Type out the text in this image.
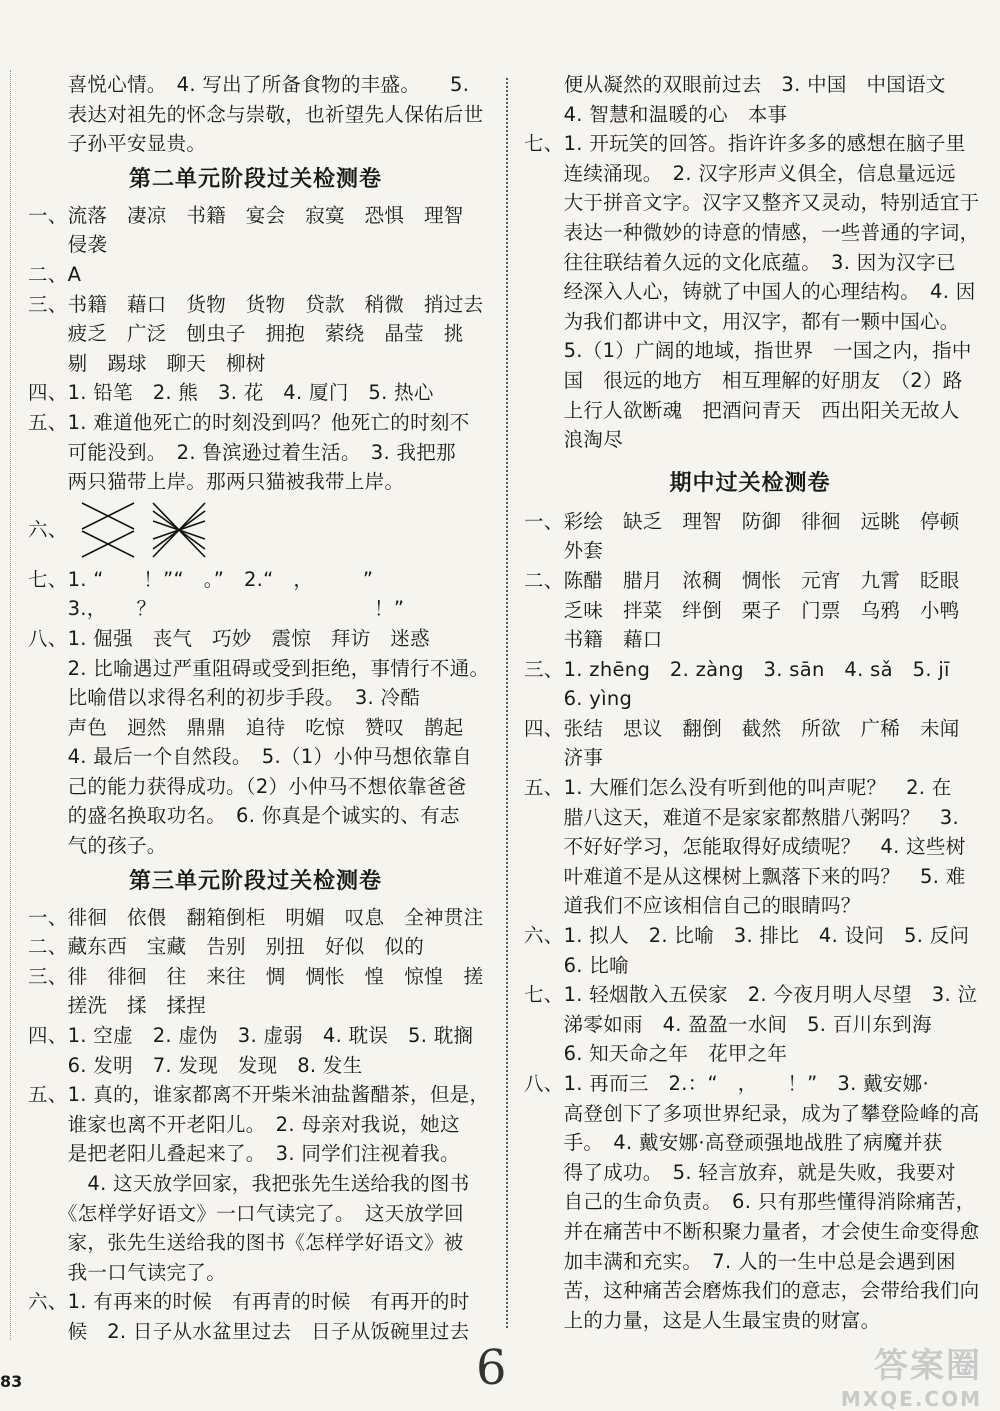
　　喜悦心情。　4. 写出了所备食物的丰盛。　　5.
　　表达对祖先的怀念与崇敬，也祈望先人保佑后世
　　子孙平安显贵。
第二单元阶段过关检测卷
一、流落　凄凉　书籍　宴会　寂寞　恐惧　理智
　　侵袭
二、A
三、书籍　藉口　货物　货物　贷款　稍微　捎过去
　　疲乏　广泛　刨虫子　拥抱　萦绕　晶莹　挑
　　剔　踢球　聊天　柳树
四、1. 铅笔　2. 熊　3. 花　4. 厦门　5. 热心
五、1. 难道他死亡的时刻没到吗？他死亡的时刻不
　　可能没到。　2. 鲁滨逊过着生活。　3. 我把那
　　两只猫带上岸。那两只猫被我带上岸。
六、
七、1. “　　！”“　。”　2.“　，　　　”
　　3.，　　？　　　　　　　　　　　！”
八、1. 倔强　丧气　巧妙　震惊　拜访　迷惑
　　2. 比喻遇过严重阻碍或受到拒绝，事情行不通。
　　比喻借以求得名利的初步手段。　3. 冷酷
　　声色　迥然　鼎鼎　追待　吃惊　赞叹　鹊起
　　4. 最后一个自然段。　5.（1）小仲马想依靠自
　　己的能力获得成功。（2）小仲马不想依靠爸爸
　　的盛名换取功名。　6. 你真是个诚实的、有志
　　气的孩子。
第三单元阶段过关检测卷
一、徘徊　依偎　翻箱倒柜　明媚　叹息　全神贯注
二、藏东西　宝藏　告别　别扭　好似　似的
三、徘　徘徊　往　来往　惆　惆怅　惶　惊惶　搓
　　搓洗　揉　揉捏
四、1. 空虚　2. 虚伪　3. 虚弱　4. 耽误　5. 耽搁
　　6. 发明　7. 发现　发现　8. 发生
五、1. 真的，谁家都离不开柴米油盐酱醋茶，但是，
　　谁家也离不开老阳儿。　2. 母亲对我说，她这
　　是把老阳儿叠起来了。　3. 同学们注视着我。
　　　4. 这天放学回家，我把张先生送给我的图书
　　《怎样学好语文》一口气读完了。　这天放学回
　　家，张先生送给我的图书《怎样学好语文》被
　　我一口气读完了。
六、1. 有再来的时候　有再青的时候　有再开的时
　　候　2. 日子从水盆里过去　日子从饭碗里过去
　　便从凝然的双眼前过去　3. 中国　中国语文
　　4. 智慧和温暖的心　本事
七、1. 开玩笑的回答。指许许多多的感想在脑子里
　　连续涌现。　2. 汉字形声义俱全，信息量远远
　　大于拼音文字。汉字又整齐又灵动，特别适宜于
　　表达一种微妙的诗意的情感，一些普通的字词，
　　往往联结着久远的文化底蕴。　3. 因为汉字已
　　经深入人心，铸就了中国人的心理结构。　4. 因
　　为我们都讲中文，用汉字，都有一颗中国心。
　　5.（1）广阔的地域，指世界　一国之内，指中
　　国　很远的地方　相互理解的好朋友　（2）路
　　上行人欲断魂　把酒问青天　西出阳关无故人
　　浪淘尽
期中过关检测卷
一、彩绘　缺乏　理智　防御　徘徊　远眺　停顿
　　外套
二、陈醋　腊月　浓稠　惆怅　元宵　九霄　眨眼
　　乏味　拌菜　绊倒　栗子　门票　乌鸦　小鸭
　　书籍　藉口
三、1. zhēng　2. zàng　3. sān　4. sǎ　5. jī
　　6. yìng
四、张结　思议　翻倒　截然　所欲　广稀　未闻
　　济事
五、1. 大雁们怎么没有听到他的叫声呢？　2. 在
　　腊八这天，难道不是家家都熬腊八粥吗？　3.
　　不好好学习，怎能取得好成绩呢？　4. 这些树
　　叶难道不是从这棵树上飘落下来的吗？　5. 难
　　道我们不应该相信自己的眼睛吗？
六、1. 拟人　2. 比喻　3. 排比　4. 设问　5. 反问
　　6. 比喻
七、1. 轻烟散入五侯家　2. 今夜月明人尽望　3. 泣
　　涕零如雨　4. 盈盈一水间　5. 百川东到海
　　6. 知天命之年　花甲之年
八、1. 再而三　2.：“　，　　！”　3. 戴安娜·
　　高登创下了多项世界纪录，成为了攀登险峰的高
　　手。　4. 戴安娜·高登顽强地战胜了病魔并获
　　得了成功。　5. 轻言放弃，就是失败，我要对
　　自己的生命负责。　6. 只有那些懂得消除痛苦，
　　并在痛苦中不断积聚力量者，才会使生命变得愈
　　加丰满和充实。　7. 人的一生中总是会遇到困
　　苦，这种痛苦会磨炼我们的意志，会带给我们向
　　上的力量，这是人生最宝贵的财富。
83	6	答案圈
MXQE.COM
